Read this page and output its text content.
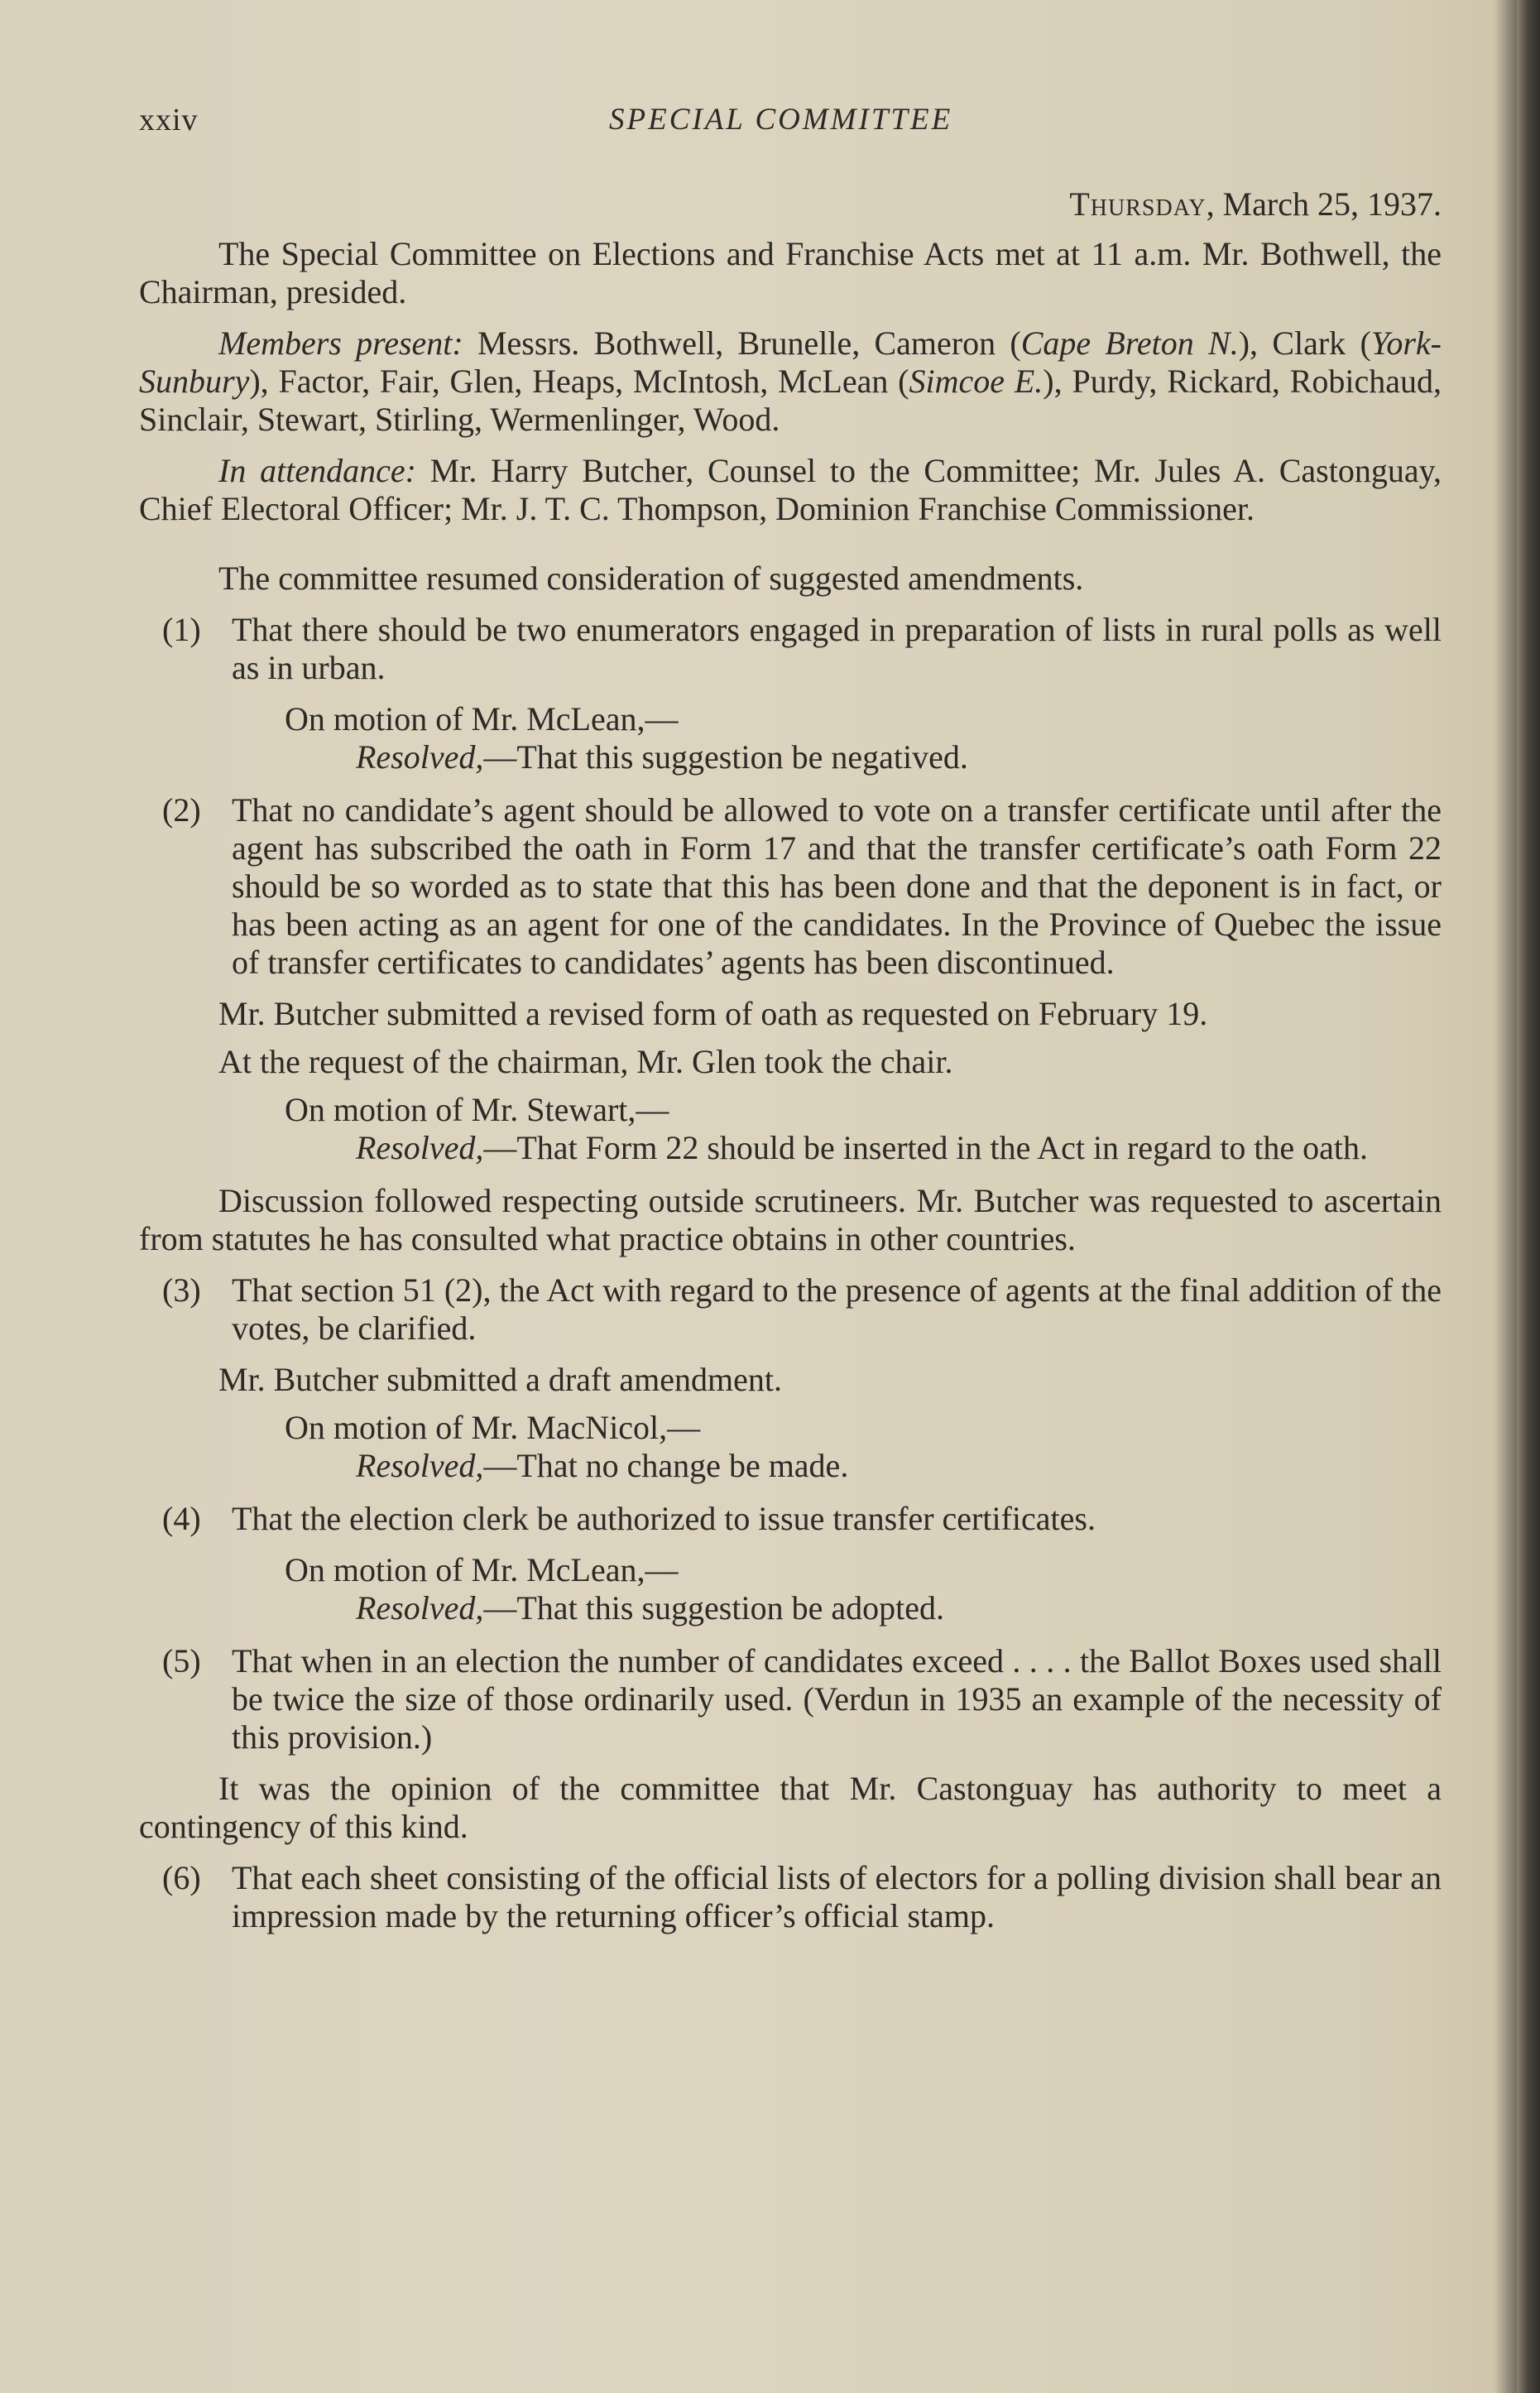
xxiv	SPECIAL COMMITTEE
Thursday, March 25, 1937.

The Special Committee on Elections and Franchise Acts met at 11 a.m. Mr. Bothwell, the Chairman, presided.

Members present: Messrs. Bothwell, Brunelle, Cameron (Cape Breton N.), Clark (York-Sunbury), Factor, Fair, Glen, Heaps, McIntosh, McLean (Simcoe E.), Purdy, Rickard, Robichaud, Sinclair, Stewart, Stirling, Wermenlinger, Wood.

In attendance: Mr. Harry Butcher, Counsel to the Committee; Mr. Jules A. Castonguay, Chief Electoral Officer; Mr. J. T. C. Thompson, Dominion Franchise Commissioner.

The committee resumed consideration of suggested amendments.

(1) That there should be two enumerators engaged in preparation of lists in rural polls as well as in urban.

On motion of Mr. McLean,—

Resolved,—That this suggestion be negatived.

(2) That no candidate’s agent should be allowed to vote on a transfer certificate until after the agent has subscribed the oath in Form 17 and that the transfer certificate’s oath Form 22 should be so worded as to state that this has been done and that the deponent is in fact, or has been acting as an agent for one of the candidates. In the Province of Quebec the issue of transfer certificates to candidates’ agents has been discontinued.

Mr. Butcher submitted a revised form of oath as requested on February 19.

At the request of the chairman, Mr. Glen took the chair.

On motion of Mr. Stewart,—

Resolved,—That Form 22 should be inserted in the Act in regard to the oath.

Discussion followed respecting outside scrutineers. Mr. Butcher was requested to ascertain from statutes he has consulted what practice obtains in other countries.

(3) That section 51 (2), the Act with regard to the presence of agents at the final addition of the votes, be clarified.

Mr. Butcher submitted a draft amendment.

On motion of Mr. MacNicol,—

Resolved,—That no change be made.

(4) That the election clerk be authorized to issue transfer certificates.

On motion of Mr. McLean,—

Resolved,—That this suggestion be adopted.

(5) That when in an election the number of candidates exceed . . . . the Ballot Boxes used shall be twice the size of those ordinarily used. (Verdun in 1935 an example of the necessity of this provision.)

It was the opinion of the committee that Mr. Castonguay has authority to meet a contingency of this kind.

(6) That each sheet consisting of the official lists of electors for a polling division shall bear an impression made by the returning officer’s official stamp.
